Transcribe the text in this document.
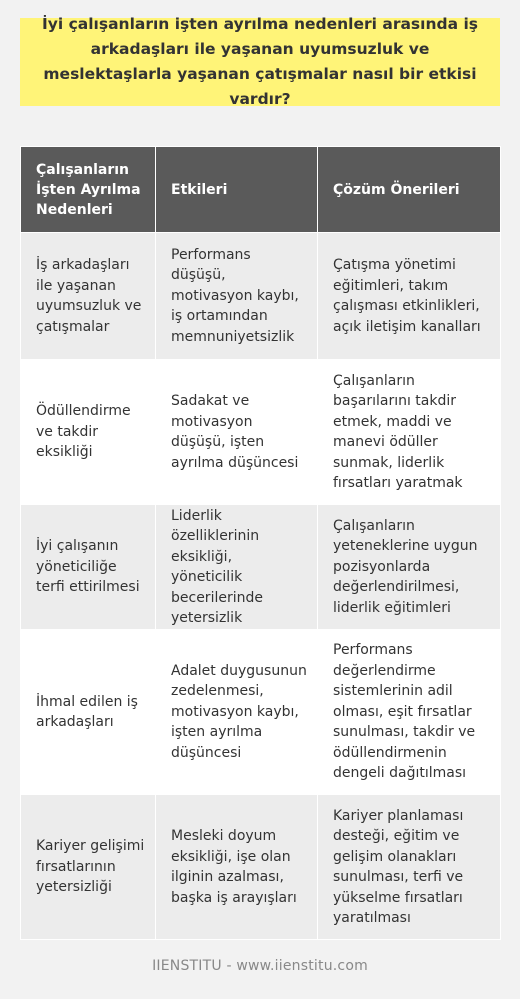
İyi çalışanların işten ayrılma nedenleri arasında iş arkadaşları ile yaşanan uyumsuzluk ve meslektaşlarla yaşanan çatışmalar nasıl bir etkisi vardır?
Çalışanların İşten Ayrılma Nedenleri	Etkileri	Çözüm Önerileri
İş arkadaşları ile yaşanan uyumsuzluk ve çatışmalar	Performans düşüşü, motivasyon kaybı, iş ortamından memnuniyetsizlik	Çatışma yönetimi eğitimleri, takım çalışması etkinlikleri, açık iletişim kanalları
Ödüllendirme ve takdir eksikliği	Sadakat ve motivasyon düşüşü, işten ayrılma düşüncesi	Çalışanların başarılarını takdir etmek, maddi ve manevi ödüller sunmak, liderlik fırsatları yaratmak
İyi çalışanın yöneticiliğe terfi ettirilmesi	Liderlik özelliklerinin eksikliği, yöneticilik becerilerinde yetersizlik	Çalışanların yeteneklerine uygun pozisyonlarda değerlendirilmesi, liderlik eğitimleri
İhmal edilen iş arkadaşları	Adalet duygusunun zedelenmesi, motivasyon kaybı, işten ayrılma düşüncesi	Performans değerlendirme sistemlerinin adil olması, eşit fırsatlar sunulması, takdir ve ödüllendirmenin dengeli dağıtılması
Kariyer gelişimi fırsatlarının yetersizliği	Mesleki doyum eksikliği, işe olan ilginin azalması, başka iş arayışları	Kariyer planlaması desteği, eğitim ve gelişim olanakları sunulması, terfi ve yükselme fırsatları yaratılması
IIENSTITU - www.iienstitu.com
